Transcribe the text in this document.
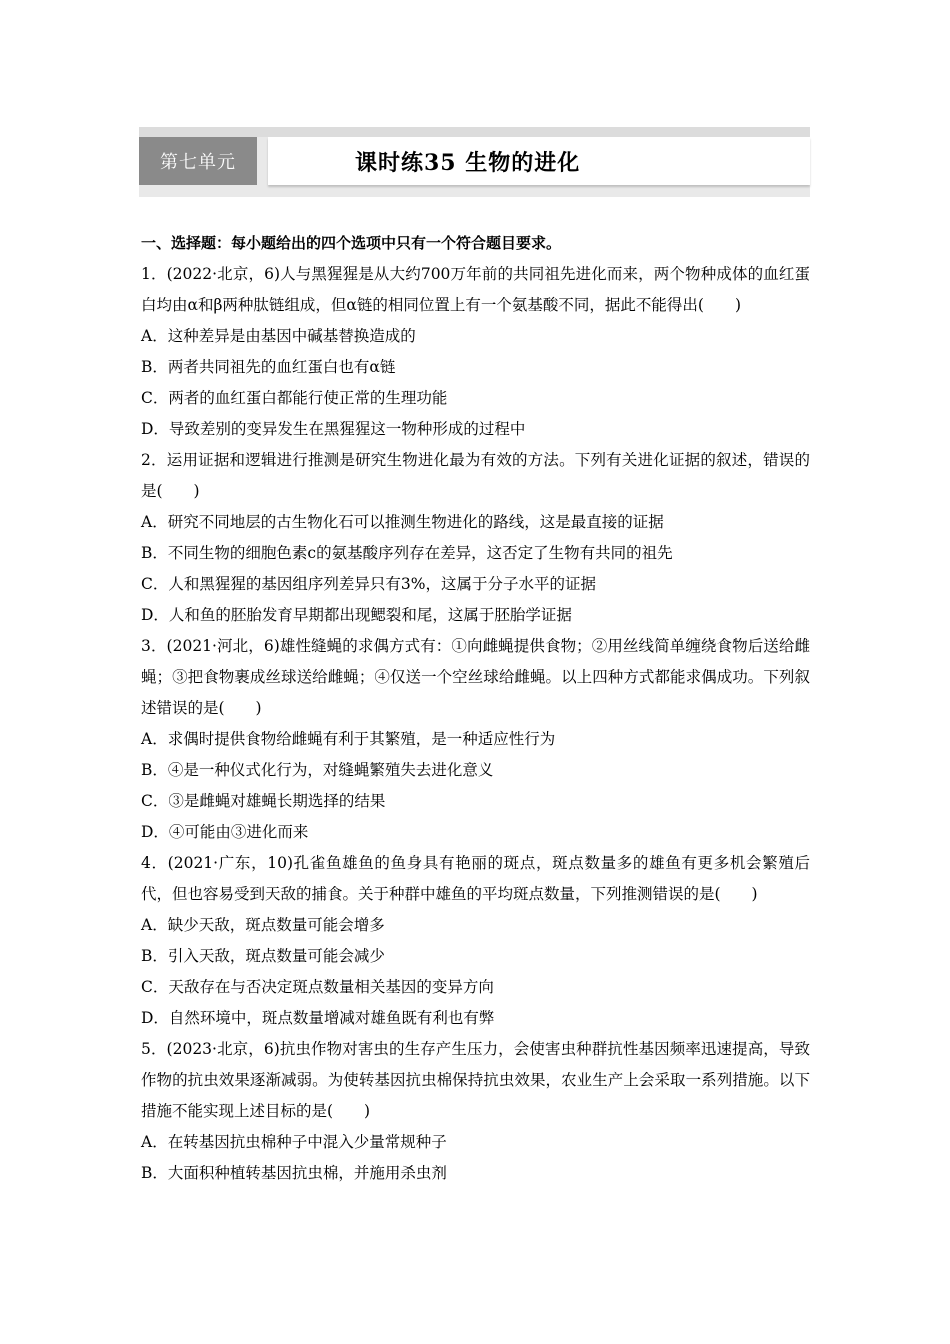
第七单元	课时练35 生物的进化

一、选择题：每小题给出的四个选项中只有一个符合题目要求。

1．(2022·北京，6)人与黑猩猩是从大约700万年前的共同祖先进化而来，两个物种成体的血红蛋白均由α和β两种肽链组成，但α链的相同位置上有一个氨基酸不同，据此不能得出(　　)

A．这种差异是由基因中碱基替换造成的

B．两者共同祖先的血红蛋白也有α链

C．两者的血红蛋白都能行使正常的生理功能

D．导致差别的变异发生在黑猩猩这一物种形成的过程中

2．运用证据和逻辑进行推测是研究生物进化最为有效的方法。下列有关进化证据的叙述，错误的是(　　)

A．研究不同地层的古生物化石可以推测生物进化的路线，这是最直接的证据

B．不同生物的细胞色素c的氨基酸序列存在差异，这否定了生物有共同的祖先

C．人和黑猩猩的基因组序列差异只有3%，这属于分子水平的证据

D．人和鱼的胚胎发育早期都出现鳃裂和尾，这属于胚胎学证据

3．(2021·河北，6)雄性缝蝇的求偶方式有：①向雌蝇提供食物；②用丝线简单缠绕食物后送给雌蝇；③把食物裹成丝球送给雌蝇；④仅送一个空丝球给雌蝇。以上四种方式都能求偶成功。下列叙述错误的是(　　)

A．求偶时提供食物给雌蝇有利于其繁殖，是一种适应性行为

B．④是一种仪式化行为，对缝蝇繁殖失去进化意义

C．③是雌蝇对雄蝇长期选择的结果

D．④可能由③进化而来

4．(2021·广东，10)孔雀鱼雄鱼的鱼身具有艳丽的斑点，斑点数量多的雄鱼有更多机会繁殖后代，但也容易受到天敌的捕食。关于种群中雄鱼的平均斑点数量，下列推测错误的是(　　)

A．缺少天敌，斑点数量可能会增多

B．引入天敌，斑点数量可能会减少

C．天敌存在与否决定斑点数量相关基因的变异方向

D．自然环境中，斑点数量增减对雄鱼既有利也有弊

5．(2023·北京，6)抗虫作物对害虫的生存产生压力，会使害虫种群抗性基因频率迅速提高，导致作物的抗虫效果逐渐减弱。为使转基因抗虫棉保持抗虫效果，农业生产上会采取一系列措施。以下措施不能实现上述目标的是(　　)

A．在转基因抗虫棉种子中混入少量常规种子

B．大面积种植转基因抗虫棉，并施用杀虫剂
